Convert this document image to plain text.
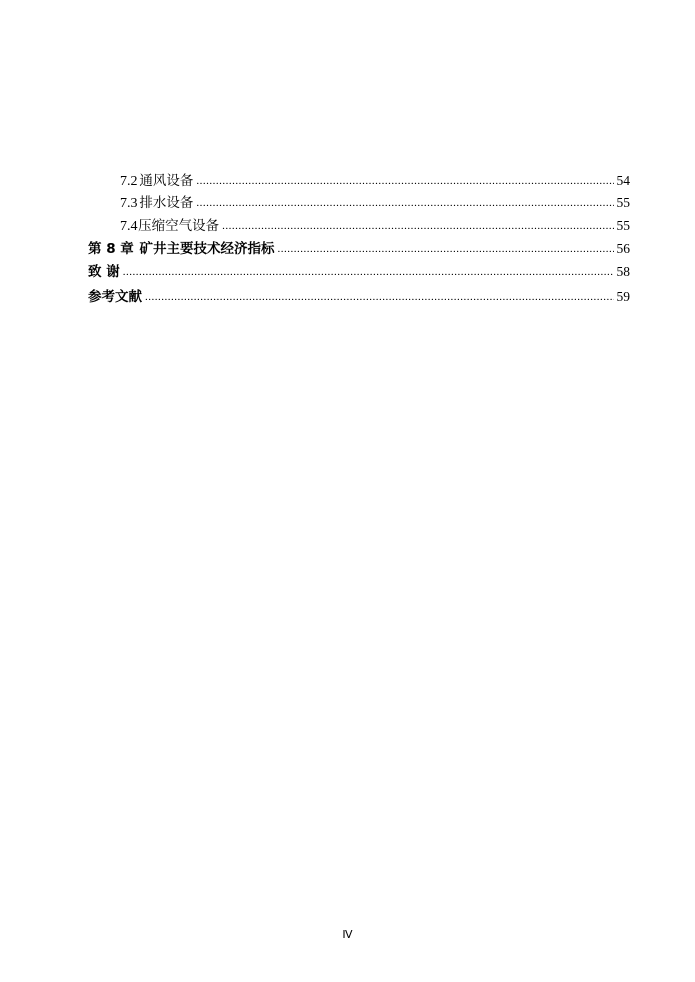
7.2 通风设备 .....	54
7.3 排水设备 .....	55
7.4 压缩空气设备 .....	55
第 8 章 矿井主要技术经济指标 .....	56
致 谢 .....	58
参考文献 .....	59
Ⅳ
